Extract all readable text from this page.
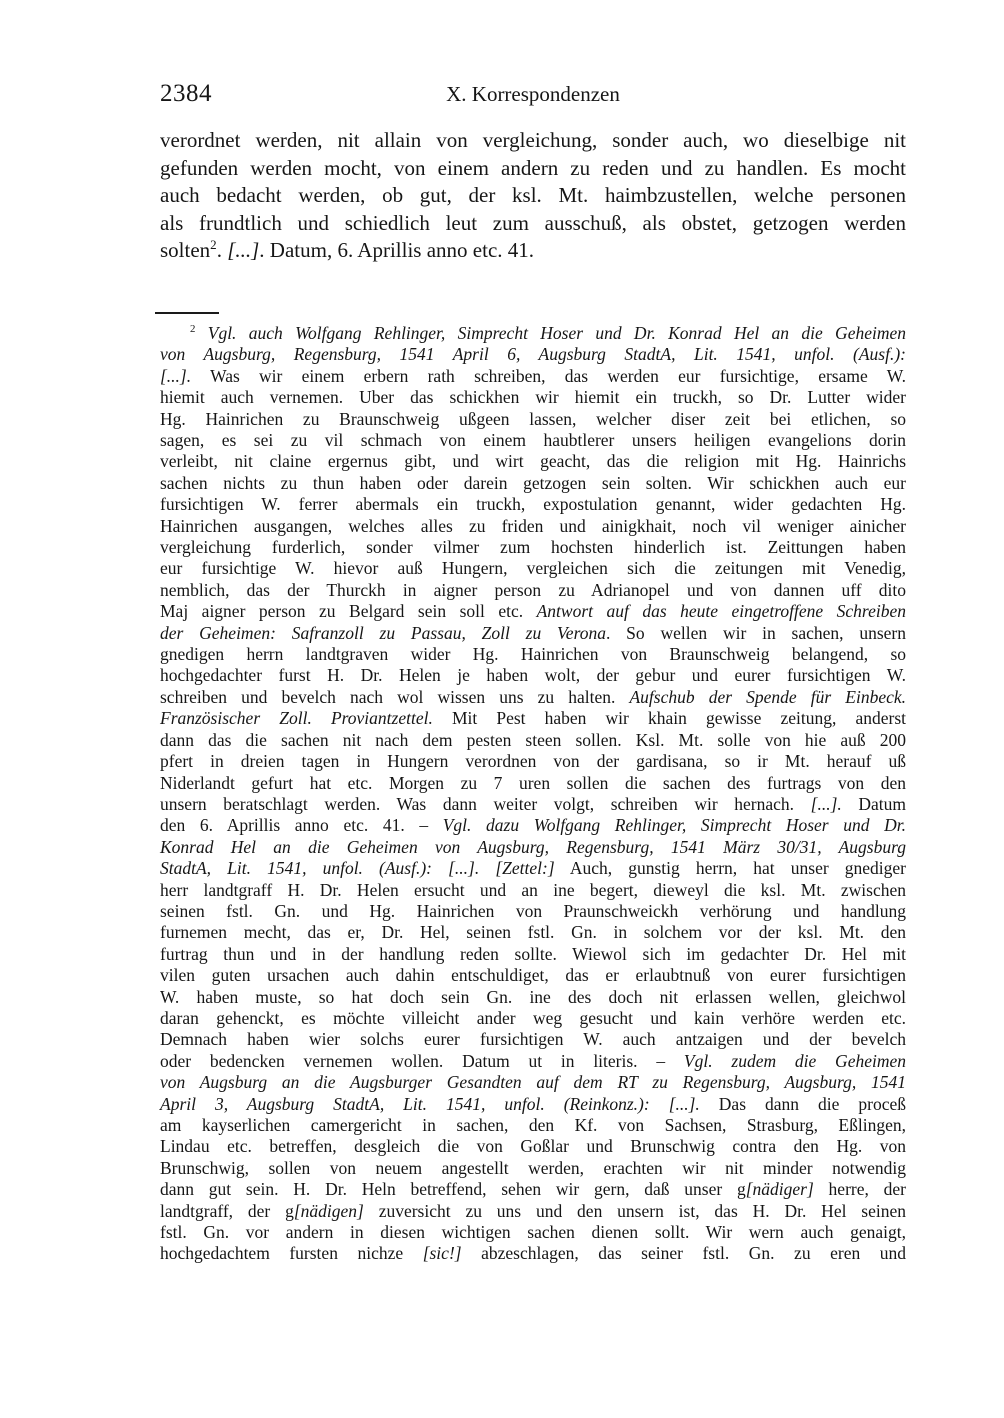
2384	X. Korrespondenzen
verordnet werden, nit allain von vergleichung, sonder auch, wo dieselbige nit
gefunden werden mocht, von einem andern zu reden und zu handlen. Es mocht
auch bedacht werden, ob gut, der ksl. Mt. haimbzustellen, welche personen
als frundtlich und schiedlich leut zum ausschuß, als obstet, getzogen werden
solten$^2$. [...]. Datum, 6. Aprillis anno etc. 41.
$^2$ Vgl. auch Wolfgang Rehlinger, Simprecht Hoser und Dr. Konrad Hel an die Geheimen
von Augsburg, Regensburg, 1541 April 6, Augsburg StadtA, Lit. 1541, unfol. (Ausf.):
[...]. Was wir einem erbern rath schreiben, das werden eur fursichtige, ersame W.
hiemit auch vernemen. Uber das schickhen wir hiemit ein truckh, so Dr. Lutter wider
Hg. Hainrichen zu Braunschweig ußgeen lassen, welcher diser zeit bei etlichen, so
sagen, es sei zu vil schmach von einem haubtlerer unsers heiligen evangelions dorin
verleibt, nit claine ergernus gibt, und wirt geacht, das die religion mit Hg. Hainrichs
sachen nichts zu thun haben oder darein getzogen sein solten. Wir schickhen auch eur
fursichtigen W. ferrer abermals ein truckh, expostulation genannt, wider gedachten Hg.
Hainrichen ausgangen, welches alles zu friden und ainigkhait, noch vil weniger ainicher
vergleichung furderlich, sonder vilmer zum hochsten hinderlich ist. Zeittungen haben
eur fursichtige W. hievor auß Hungern, vergleichen sich die zeitungen mit Venedig,
nemblich, das der Thurckh in aigner person zu Adrianopel und von dannen uff dito
Maj aigner person zu Belgard sein soll etc. Antwort auf das heute eingetroffene Schreiben
der Geheimen: Safranzoll zu Passau, Zoll zu Verona. So wellen wir in sachen, unsern
gnedigen herrn landtgraven wider Hg. Hainrichen von Braunschweig belangend, so
hochgedachter furst H. Dr. Helen je haben wolt, der gebur und eurer fursichtigen W.
schreiben und bevelch nach wol wissen uns zu halten. Aufschub der Spende für Einbeck.
Französischer Zoll. Proviantzettel. Mit Pest haben wir khain gewisse zeitung, anderst
dann das die sachen nit nach dem pesten steen sollen. Ksl. Mt. solle von hie auß 200
pfert in dreien tagen in Hungern verordnen von der gardisana, so ir Mt. herauf uß
Niderlandt gefurt hat etc. Morgen zu 7 uren sollen die sachen des furtrags von den
unsern beratschlagt werden. Was dann weiter volgt, schreiben wir hernach. [...]. Datum
den 6. Aprillis anno etc. 41. – Vgl. dazu Wolfgang Rehlinger, Simprecht Hoser und Dr.
Konrad Hel an die Geheimen von Augsburg, Regensburg, 1541 März 30/31, Augsburg
StadtA, Lit. 1541, unfol. (Ausf.): [...]. [Zettel:] Auch, gunstig herrn, hat unser gnediger
herr landtgraff H. Dr. Helen ersucht und an ine begert, dieweyl die ksl. Mt. zwischen
seinen fstl. Gn. und Hg. Hainrichen von Praunschweickh verhörung und handlung
furnemen mecht, das er, Dr. Hel, seinen fstl. Gn. in solchem vor der ksl. Mt. den
furtrag thun und in der handlung reden sollte. Wiewol sich im gedachter Dr. Hel mit
vilen guten ursachen auch dahin entschuldiget, das er erlaubtnuß von eurer fursichtigen
W. haben muste, so hat doch sein Gn. ine des doch nit erlassen wellen, gleichwol
daran gehenckt, es möchte villeicht ander weg gesucht und kain verhöre werden etc.
Demnach haben wier solchs eurer fursichtigen W. auch antzaigen und der bevelch
oder bedencken vernemen wollen. Datum ut in literis. – Vgl. zudem die Geheimen
von Augsburg an die Augsburger Gesandten auf dem RT zu Regensburg, Augsburg, 1541
April 3, Augsburg StadtA, Lit. 1541, unfol. (Reinkonz.): [...]. Das dann die proceß
am kayserlichen camergericht in sachen, den Kf. von Sachsen, Strasburg, Eßlingen,
Lindau etc. betreffen, desgleich die von Goßlar und Brunschwig contra den Hg. von
Brunschwig, sollen von neuem angestellt werden, erachten wir nit minder notwendig
dann gut sein. H. Dr. Heln betreffend, sehen wir gern, daß unser g[nädiger] herre, der
landtgraff, der g[nädigen] zuversicht zu uns und den unsern ist, das H. Dr. Hel seinen
fstl. Gn. vor andern in diesen wichtigen sachen dienen sollt. Wir wern auch genaigt,
hochgedachtem fursten nichze [sic!] abzeschlagen, das seiner fstl. Gn. zu eren und
